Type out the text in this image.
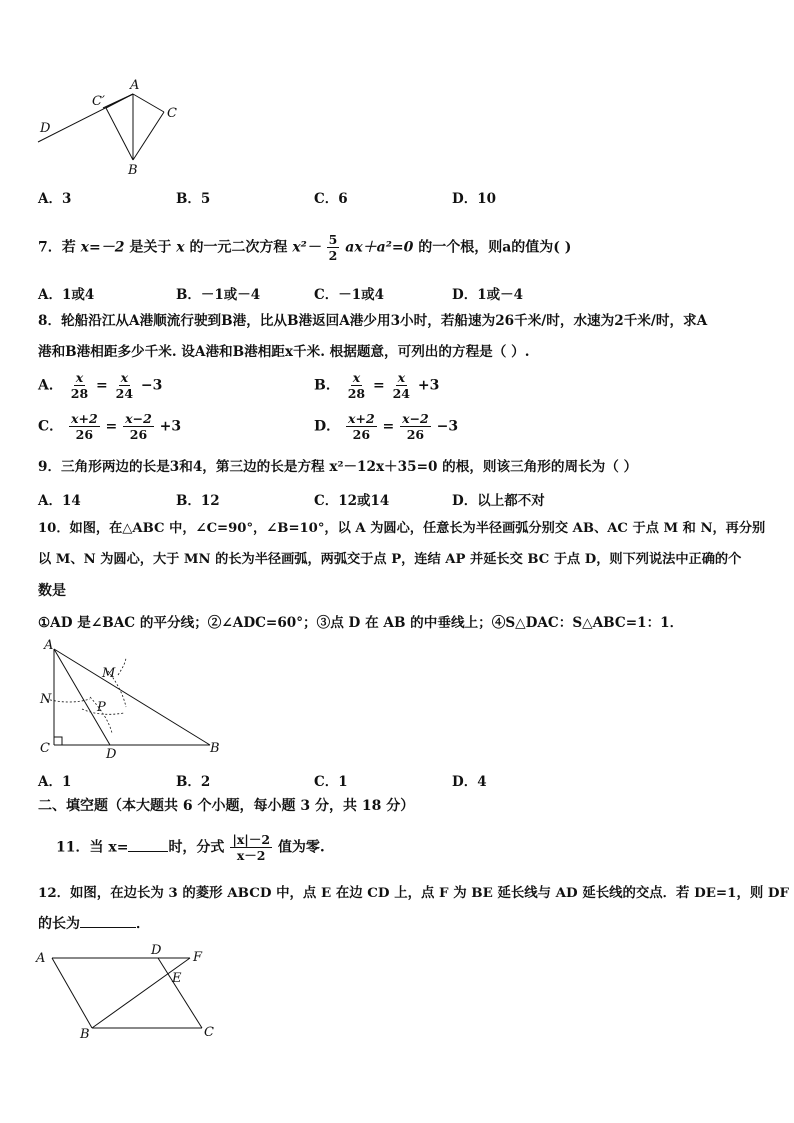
A
C′
C
D
B
A．3	B．5	C．6	D．10
7．若 x=－2 是关于 x 的一元二次方程 $x^2- \frac{5}{2} ax+a^2=0$ 的一个根，则a的值为( )
A．1或4	B．－1或－4	C．－1或4	D．1或－4
8．轮船沿江从A港顺流行驶到B港，比从B港返回A港少用3小时，若船速为26千米/时，水速为2千米/时，求A
港和B港相距多少千米. 设A港和B港相距x千米. 根据题意，可列出的方程是（ ）.
A． $\frac{x}{28} = \frac{x}{24} -3$	B． $\frac{x}{28} = \frac{x}{24} +3$
C． $\frac{x+2}{26} = \frac{x-2}{26} +3$	D． $\frac{x+2}{26} = \frac{x-2}{26} -3$
9．三角形两边的长是3和4，第三边的长是方程 x²－12x＋35=0 的根，则该三角形的周长为（ ）
A．14	B．12	C．12或14	D．以上都不对
10．如图，在△ABC 中，∠C=90°，∠B=10°，以 A 为圆心，任意长为半径画弧分别交 AB、AC 于点 M 和 N，再分别
以 M、N 为圆心，大于 MN 的长为半径画弧，两弧交于点 P，连结 AP 并延长交 BC 于点 D，则下列说法中正确的个
数是
①AD 是∠BAC 的平分线；②∠ADC=60°；③点 D 在 AB 的中垂线上；④S△DAC：S△ABC=1：1．
A
M
N
P
C	D	B
A．1	B．2	C．1	D．4
二、填空题（本大题共 6 个小题，每小题 3 分，共 18 分）
11．当 x=	时，分式 $\frac{|x|-2}{x-2}$ 值为零.
12．如图，在边长为 3 的菱形 ABCD 中，点 E 在边 CD 上，点 F 为 BE 延长线与 AD 延长线的交点．若 DE=1，则 DF
的长为	．
A
D F
E
B	C
